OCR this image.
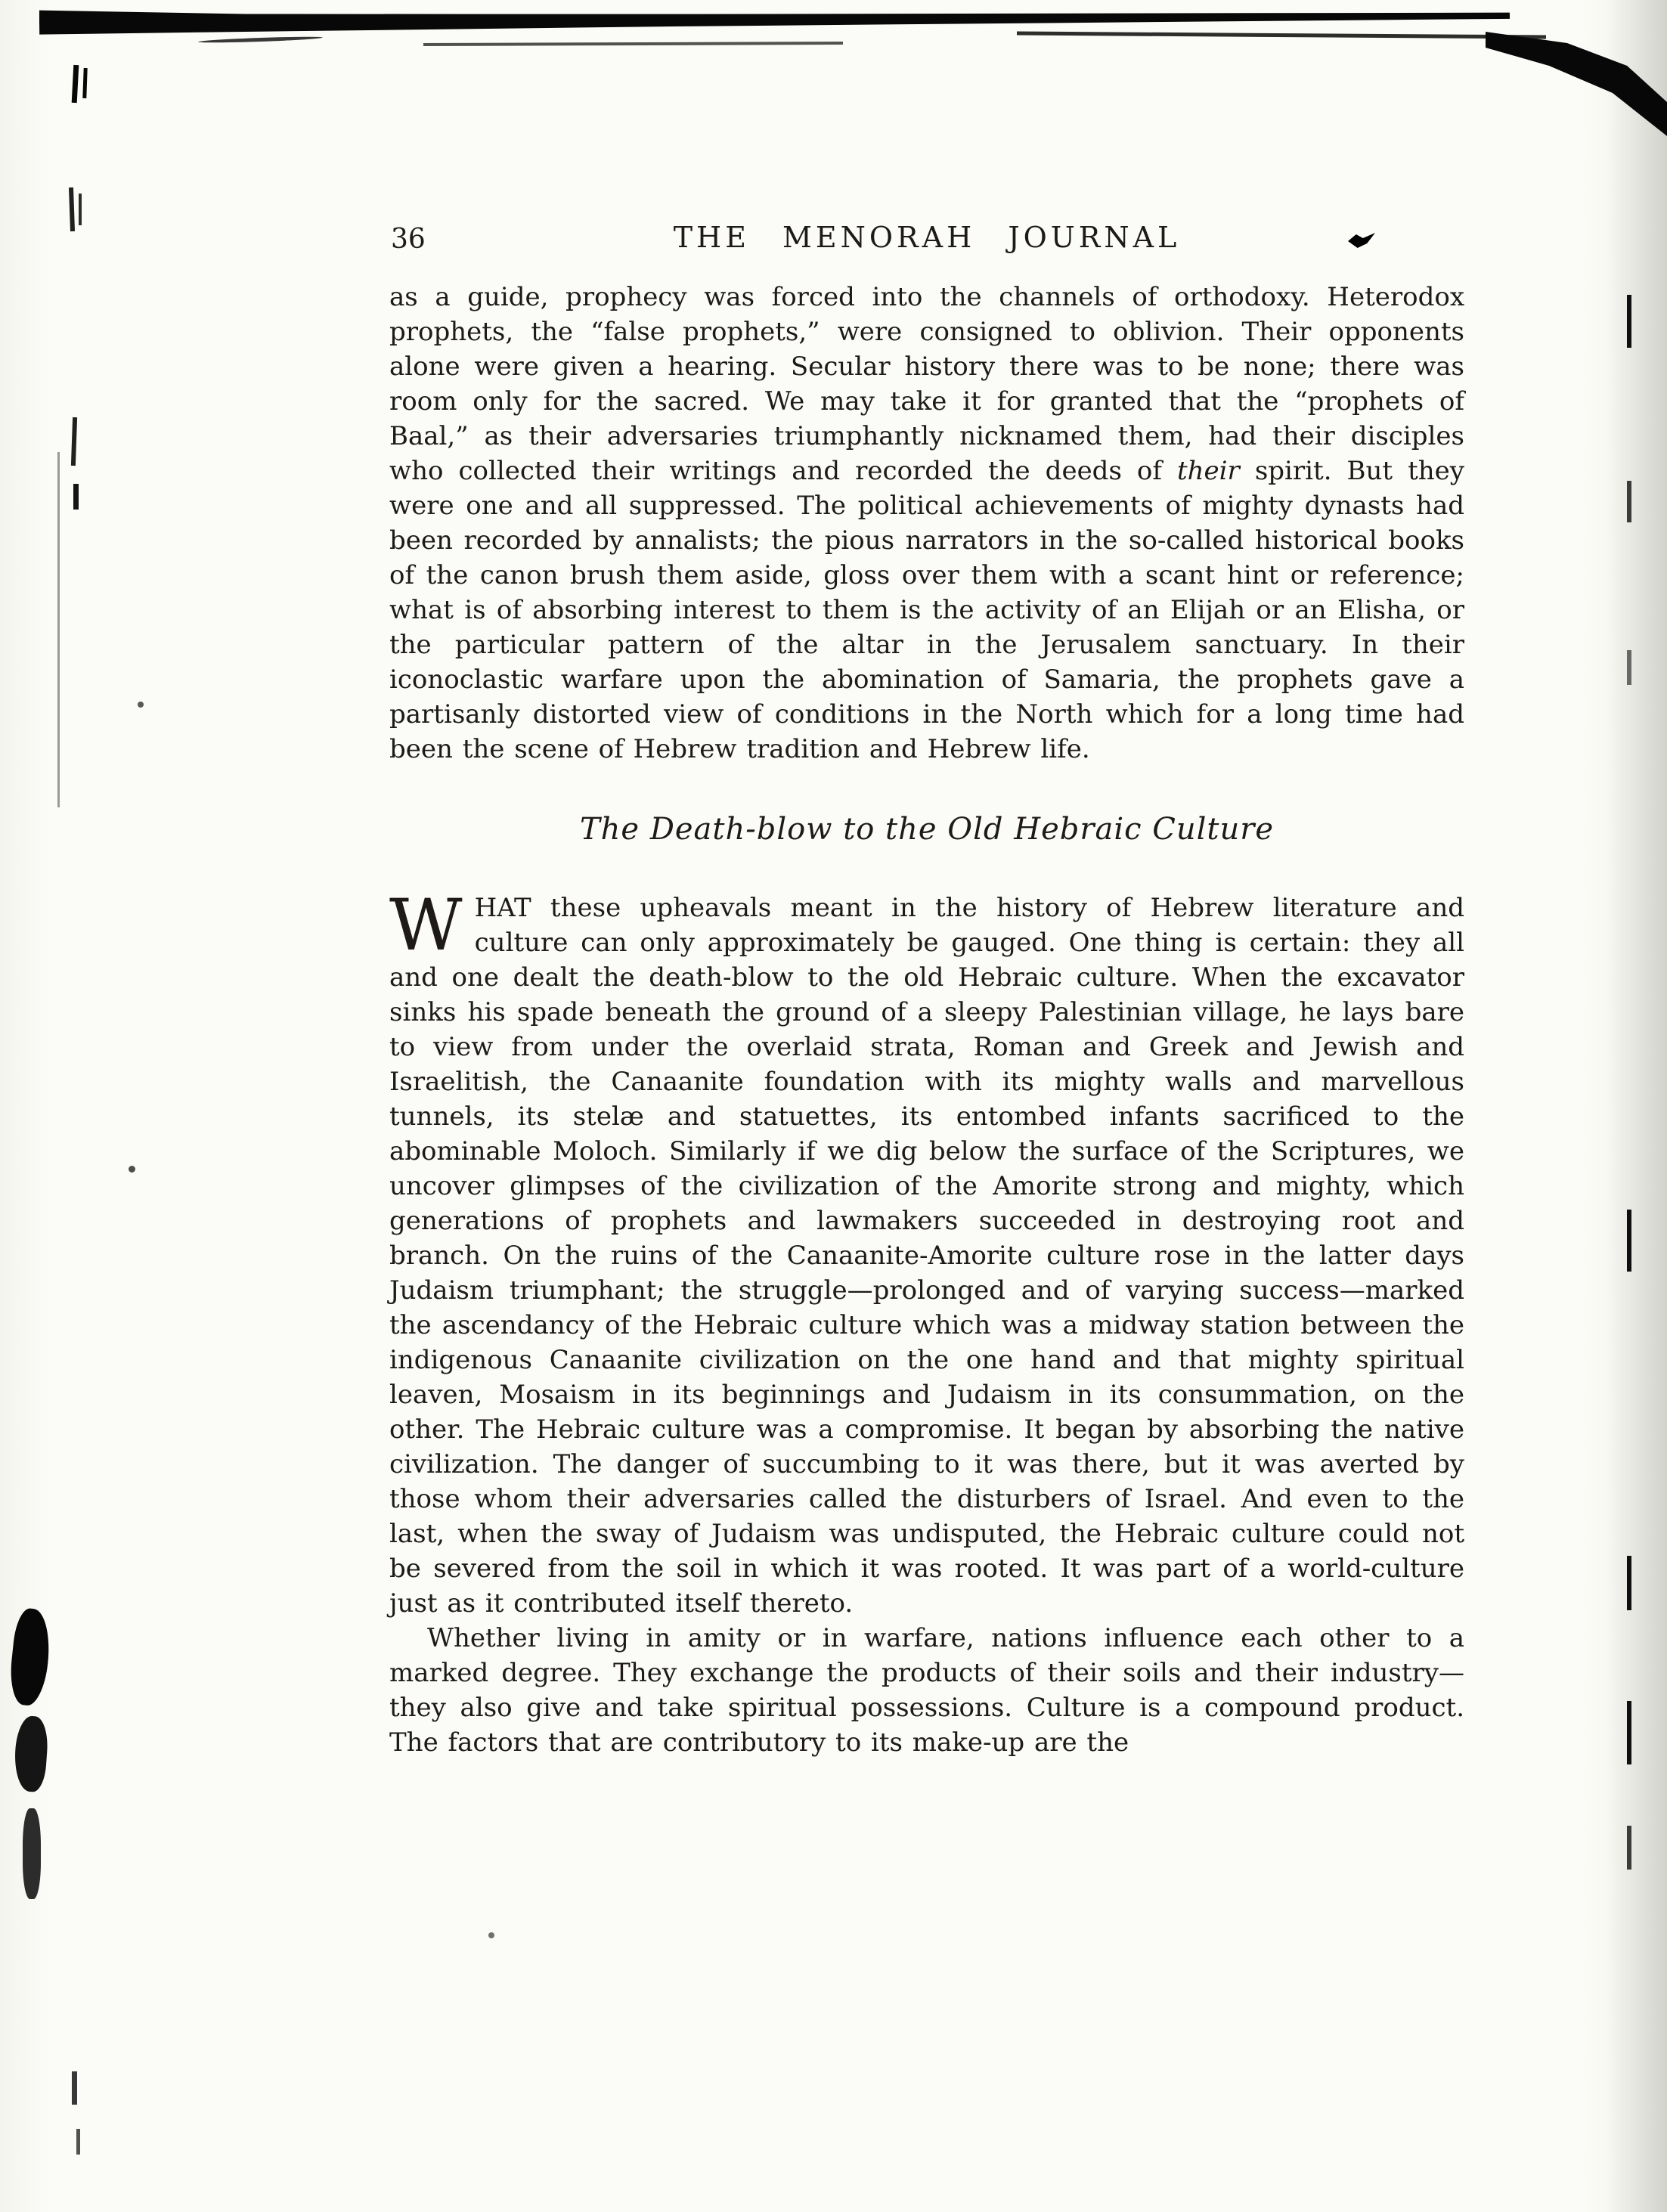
36	THE MENORAH JOURNAL

as a guide, prophecy was forced into the channels of orthodoxy. Heterodox prophets, the “false prophets,” were consigned to oblivion. Their opponents alone were given a hearing. Secular history there was to be none; there was room only for the sacred. We may take it for granted that the “prophets of Baal,” as their adversaries triumphantly nicknamed them, had their disciples who collected their writings and recorded the deeds of their spirit. But they were one and all suppressed. The political achievements of mighty dynasts had been recorded by annalists; the pious narrators in the so-called historical books of the canon brush them aside, gloss over them with a scant hint or reference; what is of absorbing interest to them is the activity of an Elijah or an Elisha, or the particular pattern of the altar in the Jerusalem sanctuary. In their iconoclastic warfare upon the abomination of Samaria, the prophets gave a partisanly distorted view of conditions in the North which for a long time had been the scene of Hebrew tradition and Hebrew life.

The Death-blow to the Old Hebraic Culture

WHAT these upheavals meant in the history of Hebrew literature and culture can only approximately be gauged. One thing is certain: they all and one dealt the death-blow to the old Hebraic culture. When the excavator sinks his spade beneath the ground of a sleepy Palestinian village, he lays bare to view from under the overlaid strata, Roman and Greek and Jewish and Israelitish, the Canaanite foundation with its mighty walls and marvellous tunnels, its stelæ and statuettes, its entombed infants sacrificed to the abominable Moloch. Similarly if we dig below the surface of the Scriptures, we uncover glimpses of the civilization of the Amorite strong and mighty, which generations of prophets and lawmakers succeeded in destroying root and branch. On the ruins of the Canaanite-Amorite culture rose in the latter days Judaism triumphant; the struggle—prolonged and of varying success—marked the ascendancy of the Hebraic culture which was a midway station between the indigenous Canaanite civilization on the one hand and that mighty spiritual leaven, Mosaism in its beginnings and Judaism in its consummation, on the other. The Hebraic culture was a compromise. It began by absorbing the native civilization. The danger of succumbing to it was there, but it was averted by those whom their adversaries called the disturbers of Israel. And even to the last, when the sway of Judaism was undisputed, the Hebraic culture could not be severed from the soil in which it was rooted. It was part of a world-culture just as it contributed itself thereto.

Whether living in amity or in warfare, nations influence each other to a marked degree. They exchange the products of their soils and their industry—they also give and take spiritual possessions. Culture is a compound product. The factors that are contributory to its make-up are the
